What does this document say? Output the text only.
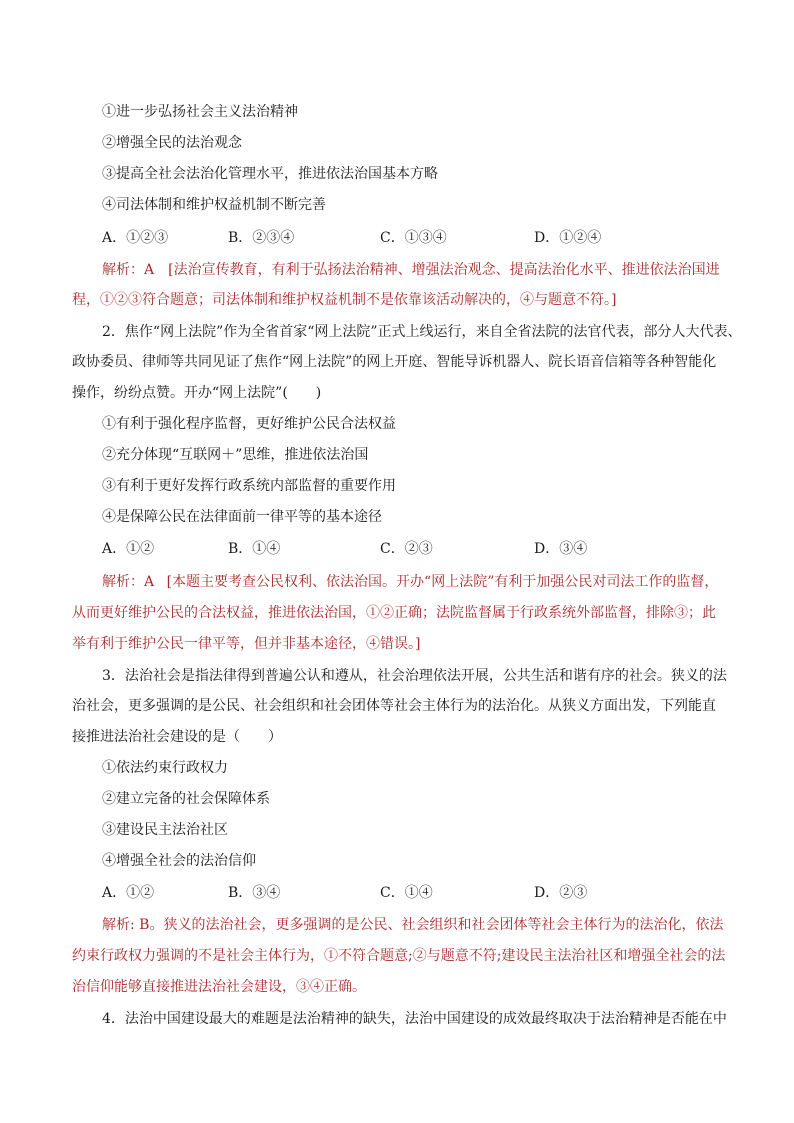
①进一步弘扬社会主义法治精神
②增强全民的法治观念
③提高全社会法治化管理水平，推进依法治国基本方略
④司法体制和维护权益机制不断完善
A．①②③	B．②③④	C．①③④	D．①②④
解析：A　[法治宣传教育，有利于弘扬法治精神、增强法治观念、提高法治化水平、推进依法治国进
程，①②③符合题意；司法体制和维护权益机制不是依靠该活动解决的，④与题意不符。]
2．焦作“网上法院”作为全省首家“网上法院”正式上线运行，来自全省法院的法官代表，部分人大代表、
政协委员、律师等共同见证了焦作“网上法院”的网上开庭、智能导诉机器人、院长语音信箱等各种智能化
操作，纷纷点赞。开办“网上法院”(　　)
①有利于强化程序监督，更好维护公民合法权益
②充分体现“互联网＋”思维，推进依法治国
③有利于更好发挥行政系统内部监督的重要作用
④是保障公民在法律面前一律平等的基本途径
A．①②	B．①④	C．②③	D．③④
解析：A [本题主要考查公民权利、依法治国。开办“网上法院”有利于加强公民对司法工作的监督，
从而更好维护公民的合法权益，推进依法治国，①②正确；法院监督属于行政系统外部监督，排除③；此
举有利于维护公民一律平等，但并非基本途径，④错误。]
3．法治社会是指法律得到普遍公认和遵从，社会治理依法开展，公共生活和谐有序的社会。狭义的法
治社会，更多强调的是公民、社会组织和社会团体等社会主体行为的法治化。从狭义方面出发，下列能直
接推进法治社会建设的是（　　）
①依法约束行政权力
②建立完备的社会保障体系
③建设民主法治社区
④增强全社会的法治信仰
A．①②	B．③④	C．①④	D．②③
解析: B。狭义的法治社会，更多强调的是公民、社会组织和社会团体等社会主体行为的法治化，依法
约束行政权力强调的不是社会主体行为，①不符合题意;②与题意不符;建设民主法治社区和增强全社会的法
治信仰能够直接推进法治社会建设，③④正确。
4．法治中国建设最大的难题是法治精神的缺失，法治中国建设的成效最终取决于法治精神是否能在中
